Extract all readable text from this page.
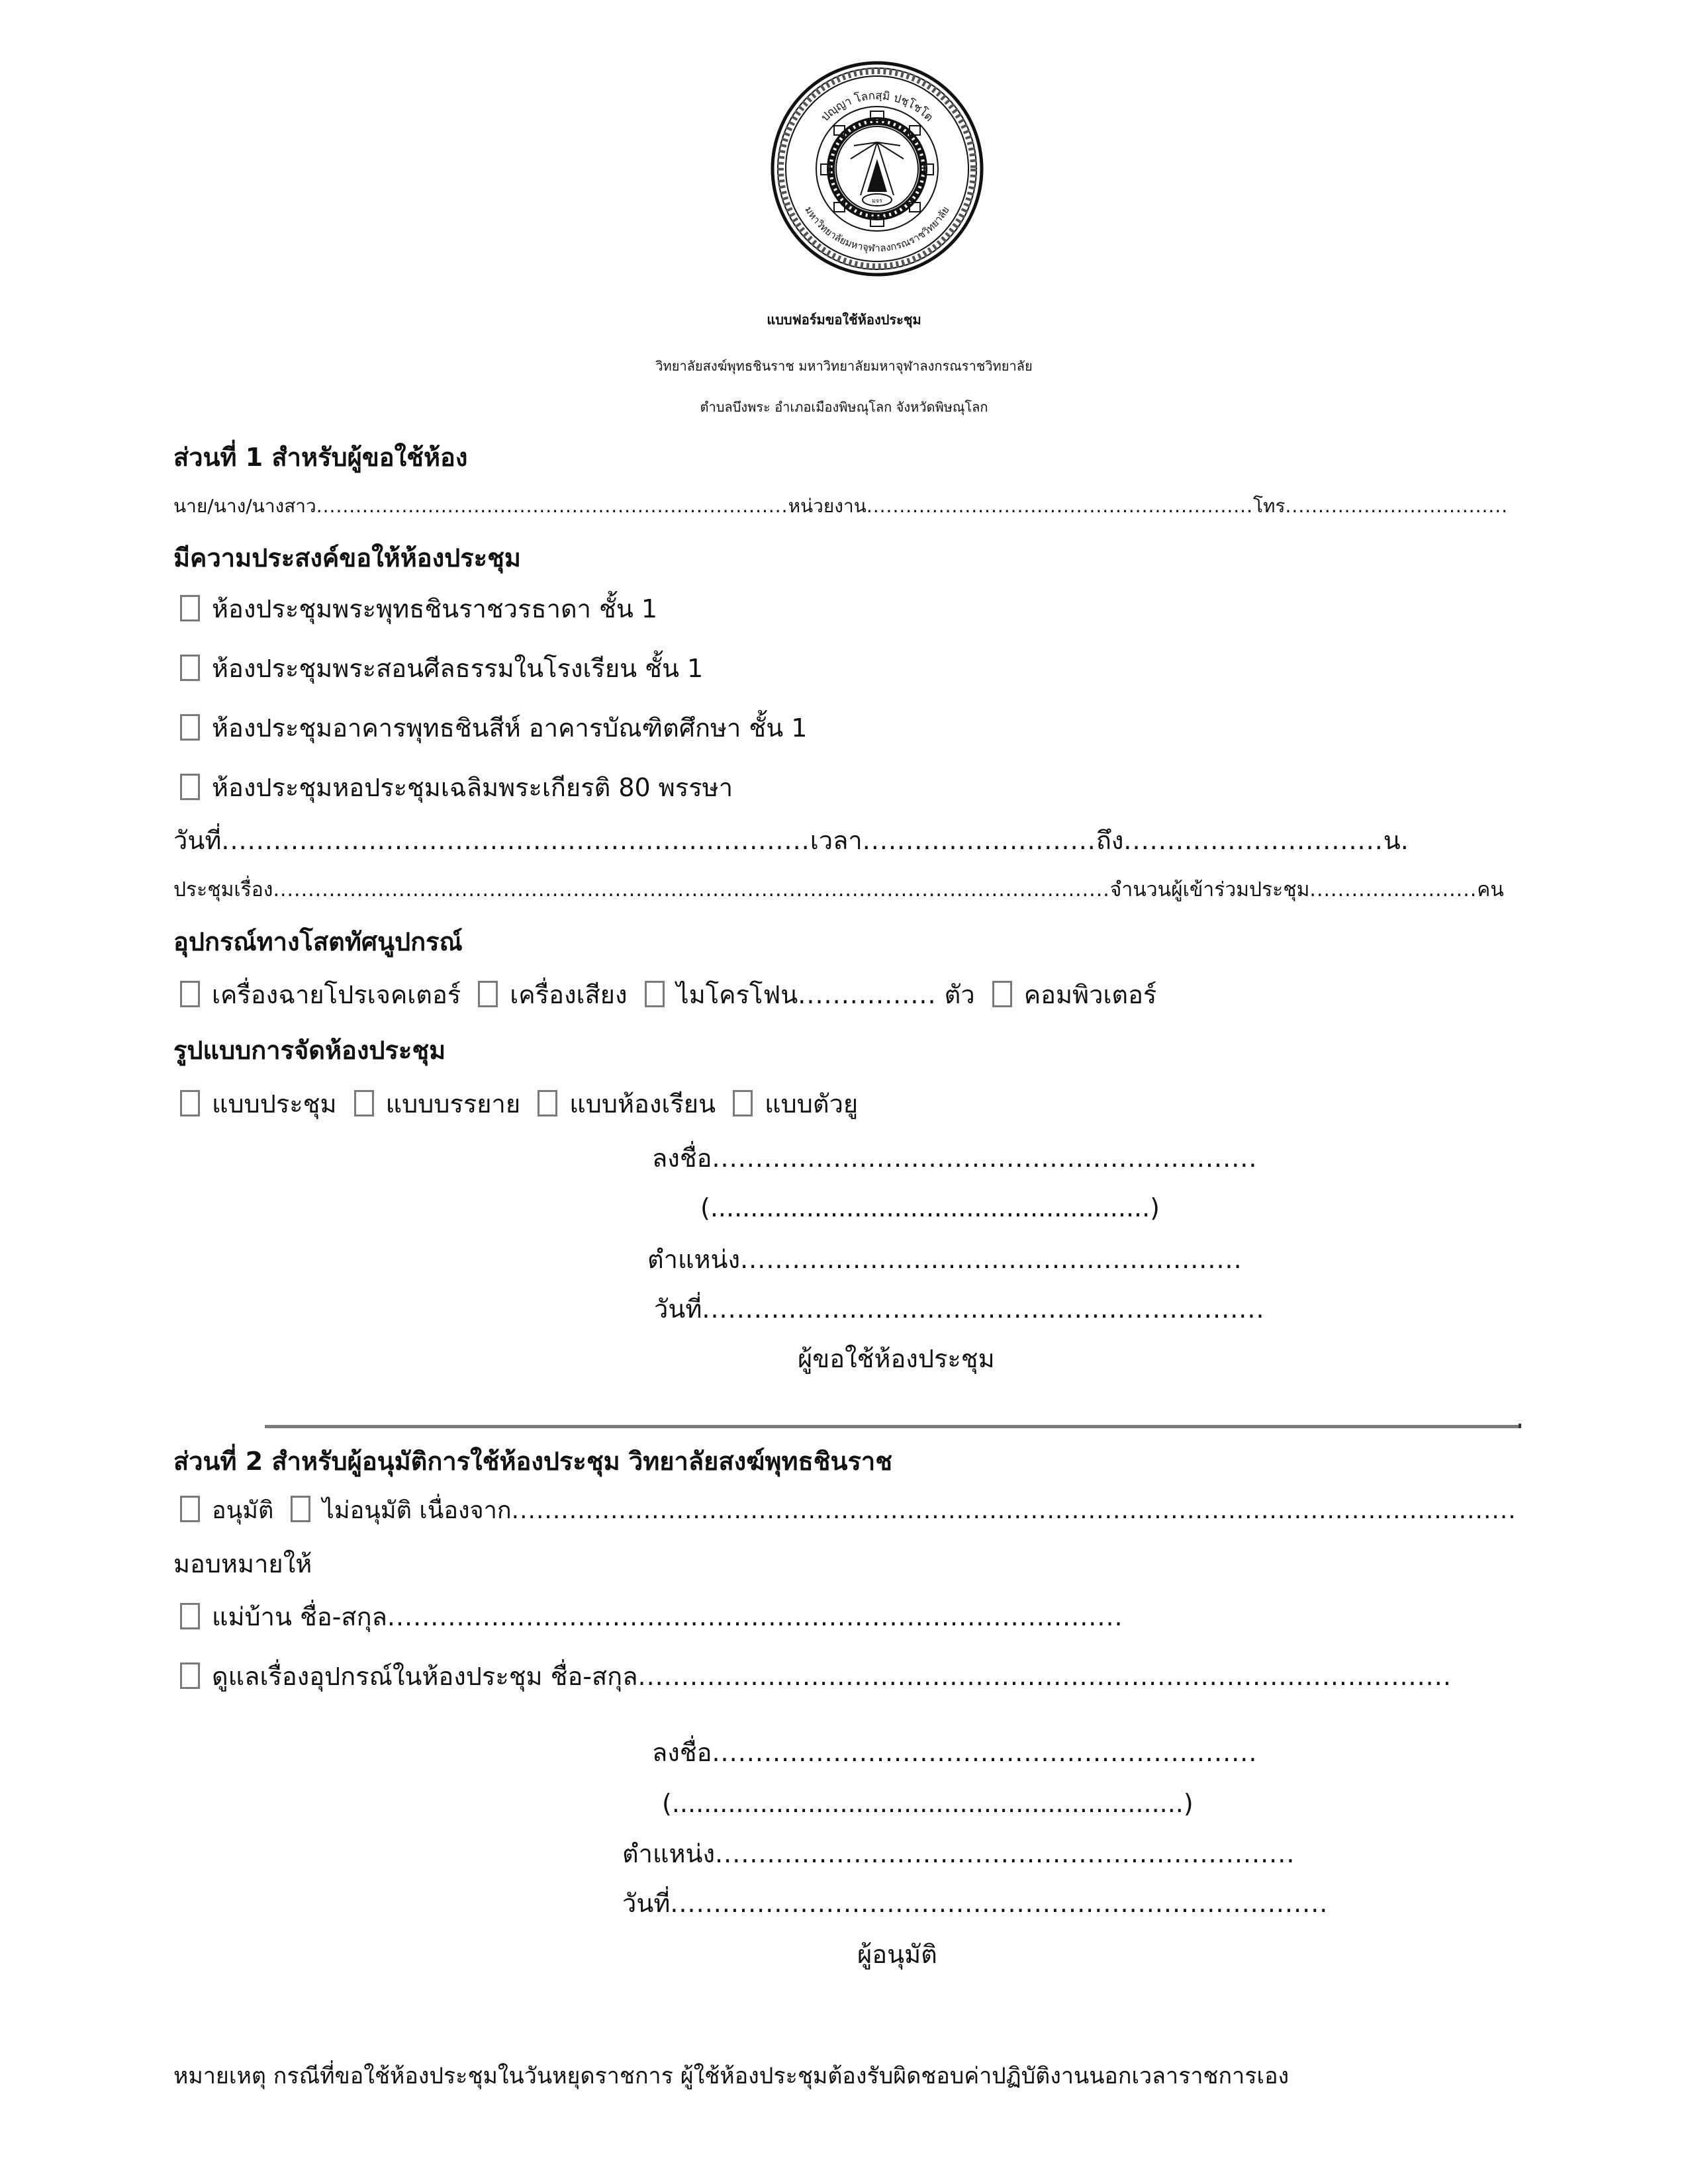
มจร
ปญฺญา โลกสฺมิ ปชฺโชโต
มหาวิทยาลัยมหาจุฬาลงกรณราชวิทยาลัย
แบบฟอร์มขอใช้ห้องประชุม
วิทยาลัยสงฆ์พุทธชินราช มหาวิทยาลัยมหาจุฬาลงกรณราชวิทยาลัย
ตำบลบึงพระ อำเภอเมืองพิษณุโลก จังหวัดพิษณุโลก
ส่วนที่ 1 สำหรับผู้ขอใช้ห้อง
นาย/นาง/นางสาว........................................................................หน่วยงาน...........................................................โทร..................................
มีความประสงค์ขอให้ห้องประชุม
ห้องประชุมพระพุทธชินราชวรธาดา ชั้น 1
ห้องประชุมพระสอนศีลธรรมในโรงเรียน ชั้น 1
ห้องประชุมอาคารพุทธชินสีห์ อาคารบัณฑิตศึกษา ชั้น 1
ห้องประชุมหอประชุมเฉลิมพระเกียรติ 80 พรรษา
วันที่....................................................................เวลา...........................ถึง..............................น.
ประชุมเรื่อง........................................................................................................................จำนวนผู้เข้าร่วมประชุม........................คน
อุปกรณ์ทางโสตทัศนูปกรณ์
เครื่องฉายโปรเจคเตอร์ เครื่องเสียง ไมโครโฟน................ ตัว คอมพิวเตอร์
รูปแบบการจัดห้องประชุม
แบบประชุม แบบบรรยาย แบบห้องเรียน แบบตัวยู
ลงชื่อ...............................................................
(.......................................................)
ตำแหน่ง..........................................................
วันที่.................................................................
ผู้ขอใช้ห้องประชุม
ส่วนที่ 2 สำหรับผู้อนุมัติการใช้ห้องประชุม วิทยาลัยสงฆ์พุทธชินราช
อนุมัติ ไม่อนุมัติ เนื่องจาก..........................................................................................................................
มอบหมายให้
แม่บ้าน ชื่อ-สกุล.....................................................................................
ดูแลเรื่องอุปกรณ์ในห้องประชุม ชื่อ-สกุล..............................................................................................
ลงชื่อ...............................................................
(................................................................)
ตำแหน่ง...................................................................
วันที่............................................................................
ผู้อนุมัติ
หมายเหตุ กรณีที่ขอใช้ห้องประชุมในวันหยุดราชการ ผู้ใช้ห้องประชุมต้องรับผิดชอบค่าปฏิบัติงานนอกเวลาราชการเอง
